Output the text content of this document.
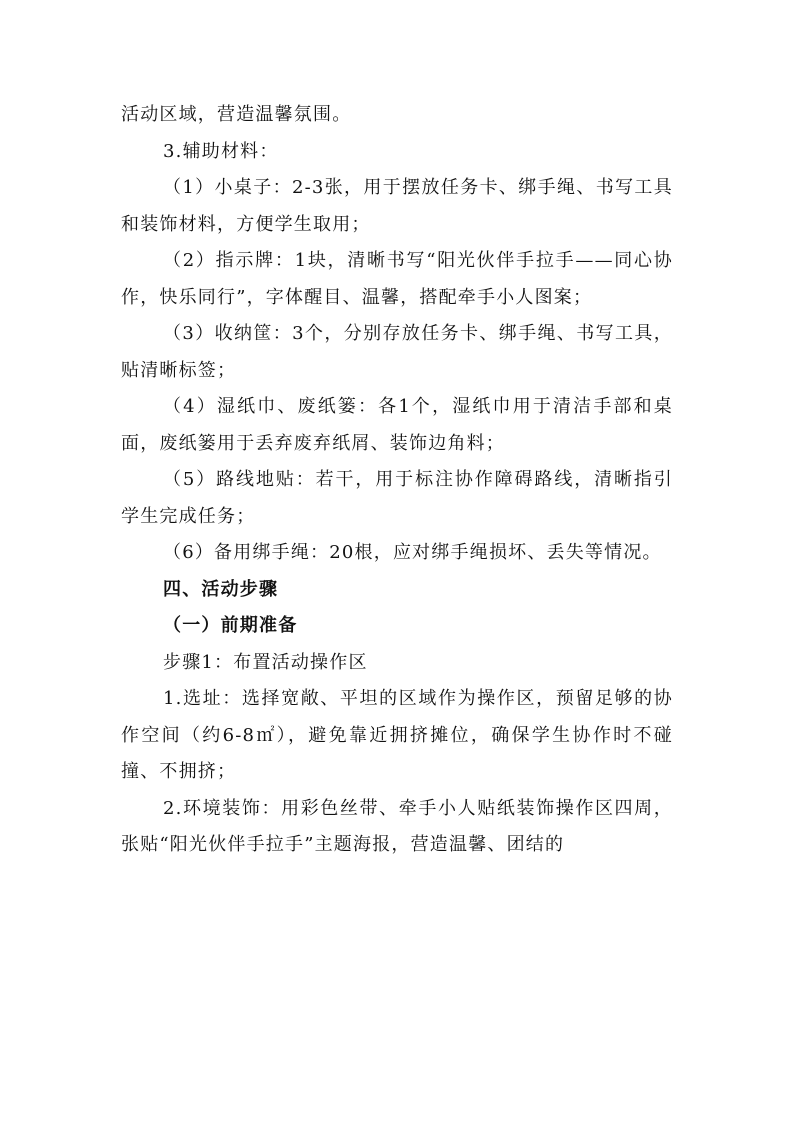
活动区域，营造温馨氛围。

3.辅助材料：

（1）小桌子：2-3张，用于摆放任务卡、绑手绳、书写工具和装饰材料，方便学生取用；

（2）指示牌：1块，清晰书写“阳光伙伴手拉手——同心协作，快乐同行”，字体醒目、温馨，搭配牵手小人图案；

（3）收纳筐：3个，分别存放任务卡、绑手绳、书写工具，贴清晰标签；

（4）湿纸巾、废纸篓：各1个，湿纸巾用于清洁手部和桌面，废纸篓用于丢弃废弃纸屑、装饰边角料；

（5）路线地贴：若干，用于标注协作障碍路线，清晰指引学生完成任务；

（6）备用绑手绳：20根，应对绑手绳损坏、丢失等情况。

四、活动步骤

（一）前期准备

步骤1：布置活动操作区

1.选址：选择宽敞、平坦的区域作为操作区，预留足够的协作空间（约6-8㎡），避免靠近拥挤摊位，确保学生协作时不碰撞、不拥挤；

2.环境装饰：用彩色丝带、牵手小人贴纸装饰操作区四周，张贴“阳光伙伴手拉手”主题海报，营造温馨、团结的
